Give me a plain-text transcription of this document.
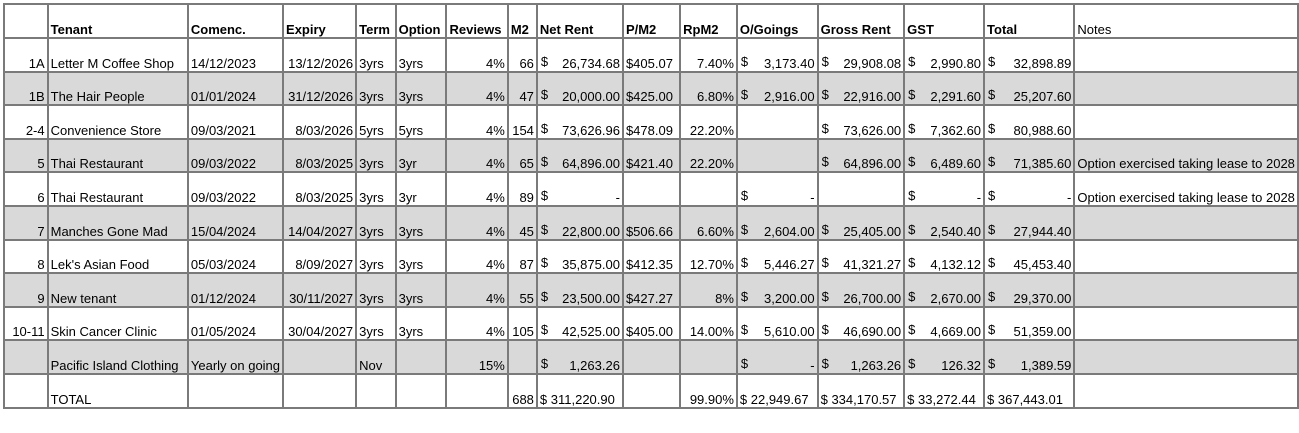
	Tenant	Comenc.	Expiry	Term	Option	Reviews	M2	Net Rent	P/M2	RpM2	O/Goings	Gross Rent	GST	Total	Notes
1A	Letter M Coffee Shop	14/12/2023	13/12/2026	3yrs	3yrs	4%	66	$ 26,734.68	$405.07	7.40%	$ 3,173.40	$ 29,908.08	$ 2,990.80	$ 32,898.89	
1B	The Hair People	01/01/2024	31/12/2026	3yrs	3yrs	4%	47	$ 20,000.00	$425.00	6.80%	$ 2,916.00	$ 22,916.00	$ 2,291.60	$ 25,207.60	
2-4	Convenience Store	09/03/2021	8/03/2026	5yrs	5yrs	4%	154	$ 73,626.96	$478.09	22.20%		$ 73,626.00	$ 7,362.60	$ 80,988.60	
5	Thai Restaurant	09/03/2022	8/03/2025	3yrs	3yr	4%	65	$ 64,896.00	$421.40	22.20%		$ 64,896.00	$ 6,489.60	$ 71,385.60	Option exercised taking lease to 2028
6	Thai Restaurant	09/03/2022	8/03/2025	3yrs	3yr	4%	89	$ -			$ -		$ -	$ -	Option exercised taking lease to 2028
7	Manches Gone Mad	15/04/2024	14/04/2027	3yrs	3yrs	4%	45	$ 22,800.00	$506.66	6.60%	$ 2,604.00	$ 25,405.00	$ 2,540.40	$ 27,944.40	
8	Lek's Asian Food	05/03/2024	8/09/2027	3yrs	3yrs	4%	87	$ 35,875.00	$412.35	12.70%	$ 5,446.27	$ 41,321.27	$ 4,132.12	$ 45,453.40	
9	New tenant	01/12/2024	30/11/2027	3yrs	3yrs	4%	55	$ 23,500.00	$427.27	8%	$ 3,200.00	$ 26,700.00	$ 2,670.00	$ 29,370.00	
10-11	Skin Cancer Clinic	01/05/2024	30/04/2027	3yrs	3yrs	4%	105	$ 42,525.00	$405.00	14.00%	$ 5,610.00	$ 46,690.00	$ 4,669.00	$ 51,359.00	
	Pacific Island Clothing	Yearly on going		Nov		15%		$ 1,263.26			$ -	$ 1,263.26	$ 126.32	$ 1,389.59	
	TOTAL						688	$ 311,220.90		99.90%	$ 22,949.67	$ 334,170.57	$ 33,272.44	$ 367,443.01	
